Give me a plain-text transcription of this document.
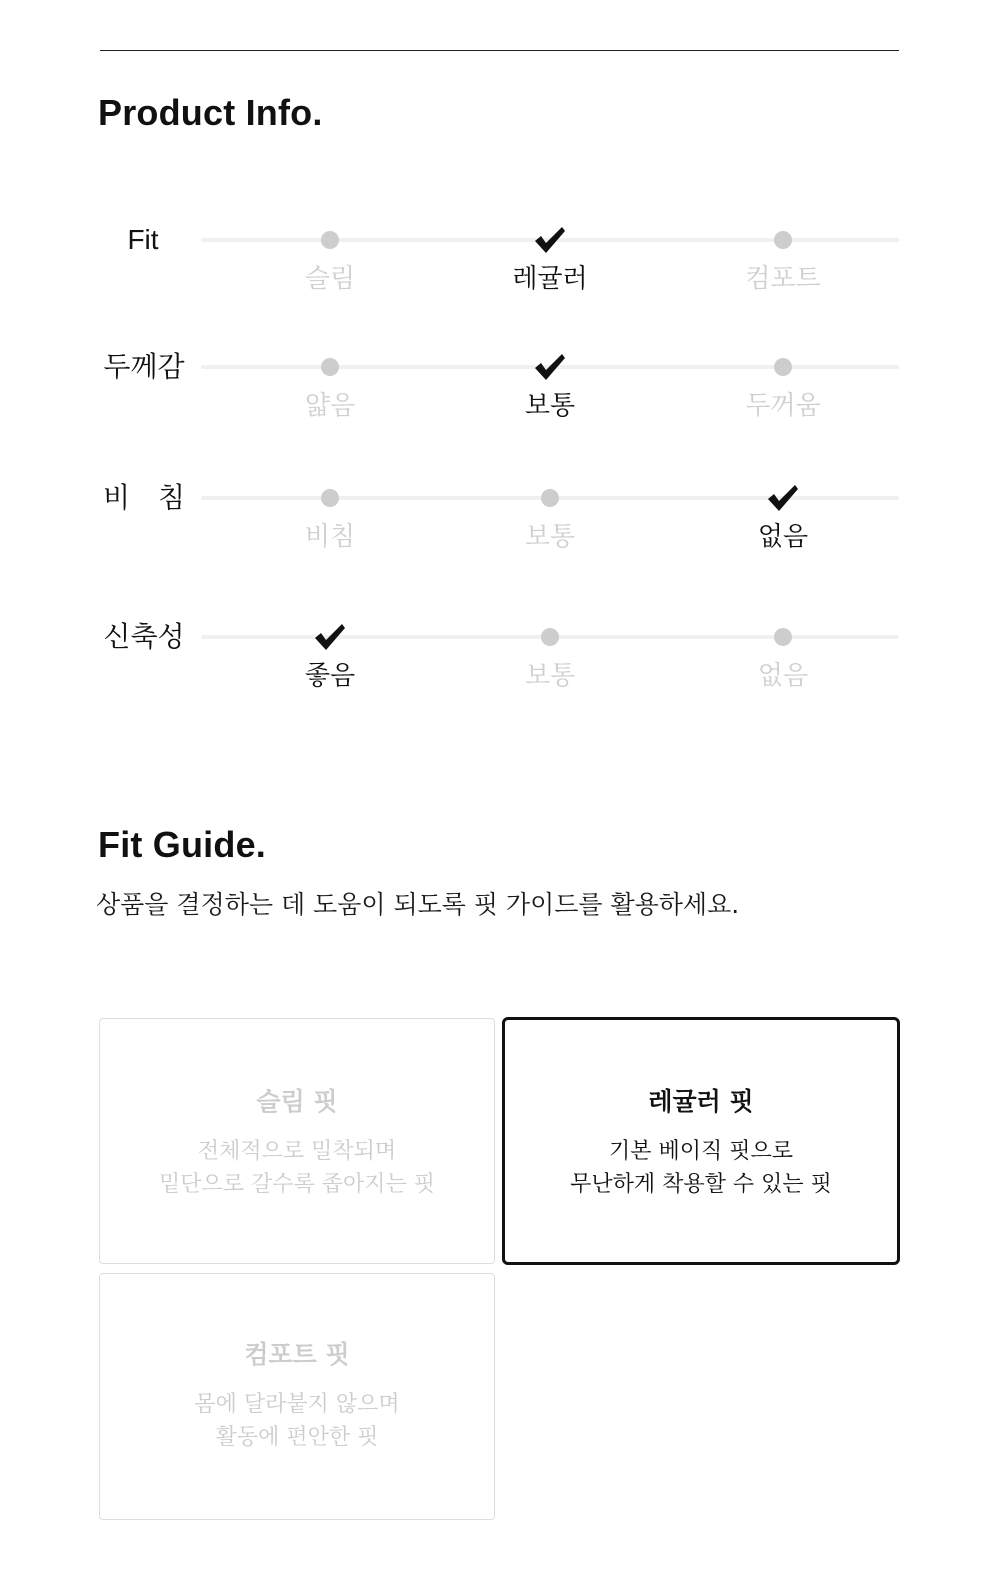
Product Info.
Fit
슬림	레귤러	컴포트
두께감
얇음	보통	두꺼움
비　침
비침	보통	없음
신축성
좋음	보통	없음
Fit Guide.

상품을 결정하는 데 도움이 되도록 핏 가이드를 활용하세요.

슬림 핏
전체적으로 밀착되며
밑단으로 갈수록 좁아지는 핏
레귤러 핏
기본 베이직 핏으로
무난하게 착용할 수 있는 핏
컴포트 핏
몸에 달라붙지 않으며
활동에 편안한 핏
